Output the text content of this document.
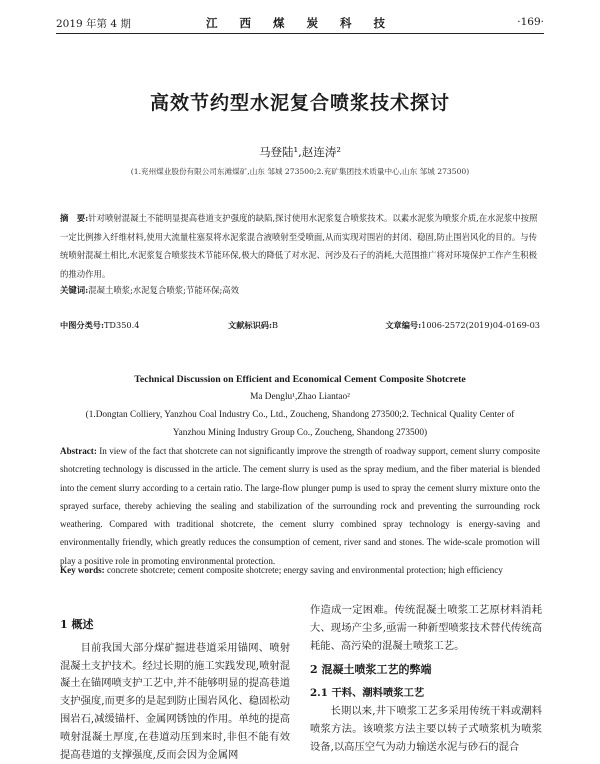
2019 年第 4 期	江 西 煤 炭 科 技	·169·
高效节约型水泥复合喷浆技术探讨
马登陆¹,赵连涛²
(1.兖州煤业股份有限公司东滩煤矿,山东 邹城 273500;2.兖矿集团技术质量中心,山东 邹城 273500)
摘　要:针对喷射混凝土不能明显提高巷道支护强度的缺陷,探讨使用水泥浆复合喷浆技术。以素水泥浆为喷浆介质,在水泥浆中按照一定比例掺入纤维材料,使用大流量柱塞泵将水泥浆混合液喷射至受喷面,从而实现对围岩的封闭、稳固,防止围岩风化的目的。与传统喷射混凝土相比,水泥浆复合喷浆技术节能环保,极大的降低了对水泥、河沙及石子的消耗,大范围推广将对环境保护工作产生积极的推动作用。
关键词:混凝土喷浆;水泥复合喷浆;节能环保;高效
中图分类号:TD350.4	文献标识码:B	文章编号:1006-2572(2019)04-0169-03
Technical Discussion on Efficient and Economical Cement Composite Shotcrete
Ma Denglu¹,Zhao Liantao²
(1.Dongtan Colliery, Yanzhou Coal Industry Co., Ltd., Zoucheng, Shandong 273500;2. Technical Quality Center of Yanzhou Mining Industry Group Co., Zoucheng, Shandong 273500)
Abstract: In view of the fact that shotcrete can not significantly improve the strength of roadway support, cement slurry composite shotcreting technology is discussed in the article. The cement slurry is used as the spray medium, and the fiber material is blended into the cement slurry according to a certain ratio. The large-flow plunger pump is used to spray the cement slurry mixture onto the sprayed surface, thereby achieving the sealing and stabilization of the surrounding rock and preventing the surrounding rock weathering. Compared with traditional shotcrete, the cement slurry combined spray technology is energy-saving and environmentally friendly, which greatly reduces the consumption of cement, river sand and stones. The wide-scale promotion will play a positive role in promoting environmental protection.
Key words: concrete shotcrete; cement composite shotcrete; energy saving and environmental protection; high efficiency
1 概述

目前我国大部分煤矿掘进巷道采用锚网、喷射混凝土支护技术。经过长期的施工实践发现,喷射混凝土在锚网喷支护工艺中,并不能够明显的提高巷道支护强度,而更多的是起到防止围岩风化、稳固松动围岩石,减缓锚杆、金属网锈蚀的作用。单纯的提高喷射混凝土厚度,在巷道动压到来时,非但不能有效提高巷道的支撑强度,反而会因为金属网

作造成一定困难。传统混凝土喷浆工艺原材料消耗大、现场产尘多,亟需一种新型喷浆技术替代传统高耗能、高污染的混凝土喷浆工艺。

2 混凝土喷浆工艺的弊端
2.1 干料、潮料喷浆工艺

长期以来,井下喷浆工艺多采用传统干料或潮料喷浆方法。该喷浆方法主要以转子式喷浆机为喷浆设备,以高压空气为动力输送水泥与砂石的混合
